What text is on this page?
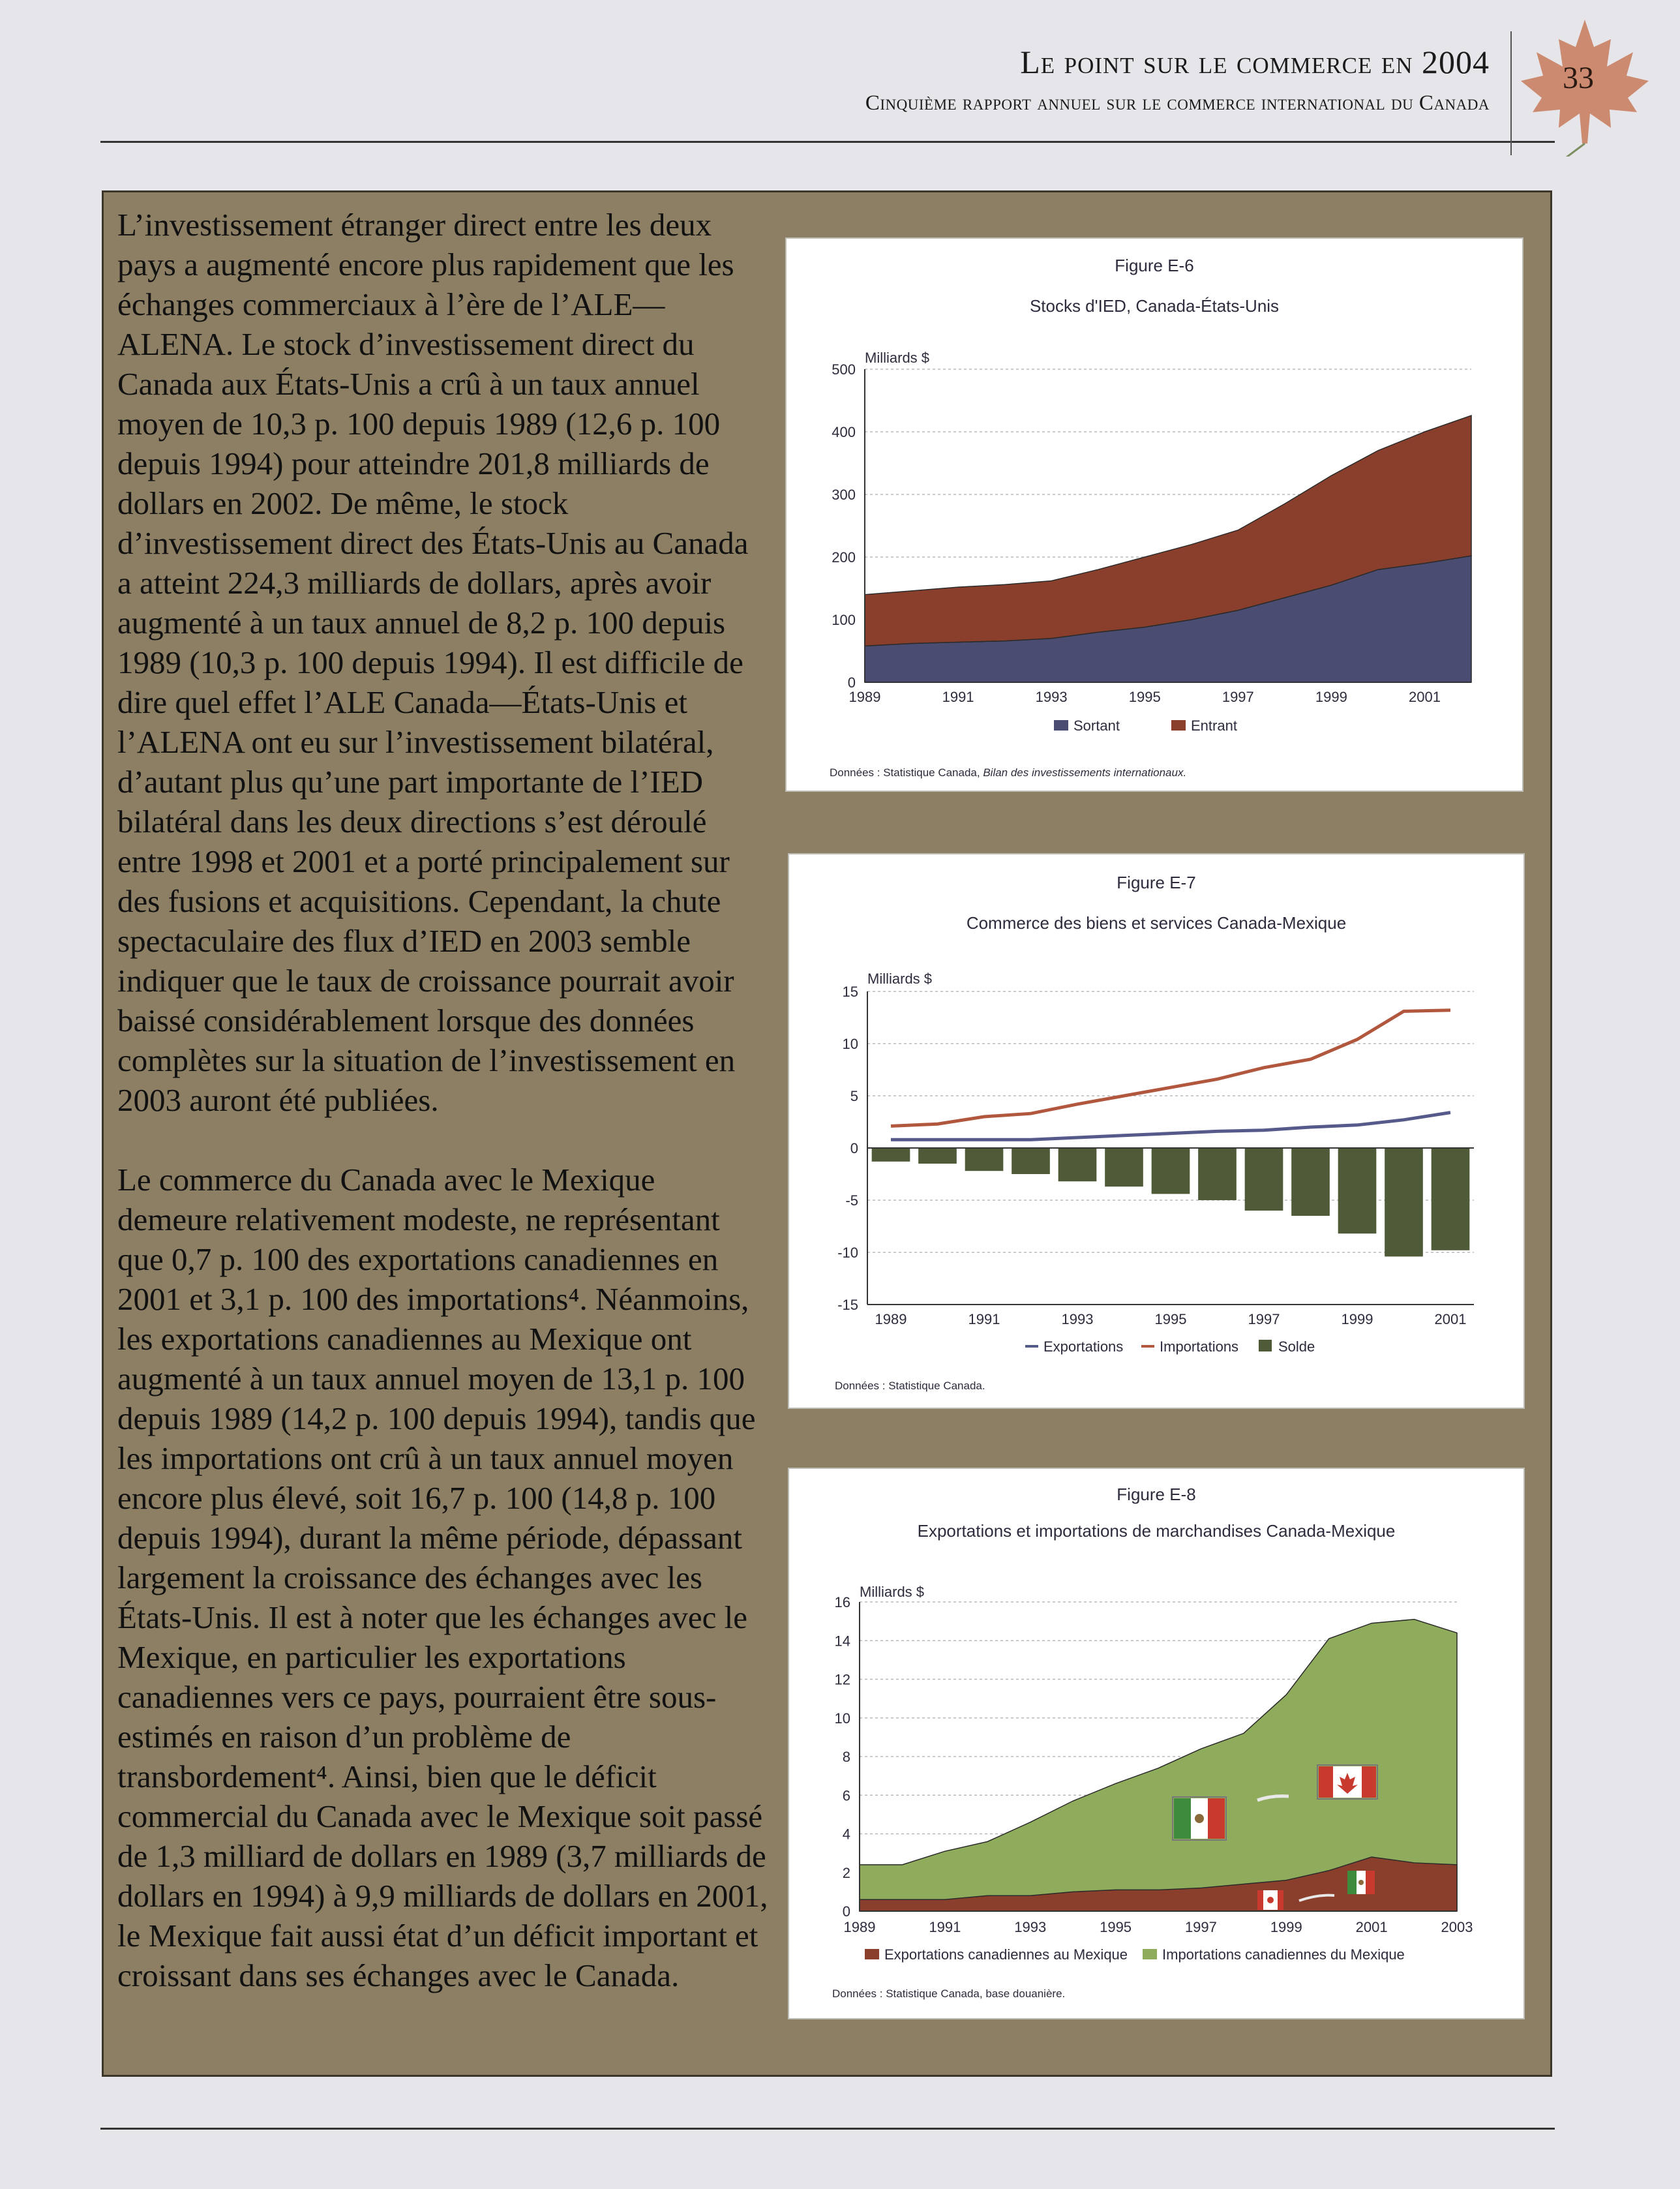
Le point sur le commerce en 2004
Cinquième rapport annuel sur le commerce international du Canada
33

L’investissement étranger direct entre les deux pays a augmenté encore plus rapidement que les échanges commerciaux à l’ère de l’ALE—ALENA. Le stock d’investissement direct du Canada aux États-Unis a crû à un taux annuel moyen de 10,3 p. 100 depuis 1989 (12,6 p. 100 depuis 1994) pour atteindre 201,8 milliards de dollars en 2002. De même, le stock d’investissement direct des États-Unis au Canada a atteint 224,3 milliards de dollars, après avoir augmenté à un taux annuel de 8,2 p. 100 depuis 1989 (10,3 p. 100 depuis 1994). Il est difficile de dire quel effet l’ALE Canada—États-Unis et l’ALENA ont eu sur l’investissement bilatéral, d’autant plus qu’une part importante de l’IED bilatéral dans les deux directions s’est déroulé entre 1998 et 2001 et a porté principalement sur des fusions et acquisitions. Cependant, la chute spectaculaire des flux d’IED en 2003 semble indiquer que le taux de croissance pourrait avoir baissé considérablement lorsque des données complètes sur la situation de l’investissement en 2003 auront été publiées.

Le commerce du Canada avec le Mexique demeure relativement modeste, ne représentant que 0,7 p. 100 des exportations canadiennes en 2001 et 3,1 p. 100 des importations⁴. Néanmoins, les exportations canadiennes au Mexique ont augmenté à un taux annuel moyen de 13,1 p. 100 depuis 1989 (14,2 p. 100 depuis 1994), tandis que les importations ont crû à un taux annuel moyen encore plus élevé, soit 16,7 p. 100 (14,8 p. 100 depuis 1994), durant la même période, dépassant largement la croissance des échanges avec les États-Unis. Il est à noter que les échanges avec le Mexique, en particulier les exportations canadiennes vers ce pays, pourraient être sous-estimés en raison d’un problème de transbordement⁴. Ainsi, bien que le déficit commercial du Canada avec le Mexique soit passé de 1,3 milliard de dollars en 1989 (3,7 milliards de dollars en 1994) à 9,9 milliards de dollars en 2001, le Mexique fait aussi état d’un déficit important et croissant dans ses échanges avec le Canada.

Figure E-6
Stocks d'IED, Canada-États-Unis
Milliards $
0
100
200
300
400
500
1989	1991	1993	1995	1997	1999	2001
Sortant	Entrant
Données : Statistique Canada, Bilan des investissements internationaux.
Figure E-7
Commerce des biens et services Canada-Mexique
Milliards $
15
10
5
0
-5
-10
-15
1989	1991	1993	1995	1997	1999	2001
Exportations	Importations	Solde
Données : Statistique Canada.
Figure E-8
Exportations et importations de marchandises Canada-Mexique
Milliards $
0
2
4
6
8
10
12
14
16
1989	1991	1993	1995	1997	1999	2001	2003
Exportations canadiennes au Mexique Importations canadiennes du Mexique
Données : Statistique Canada, base douanière.
